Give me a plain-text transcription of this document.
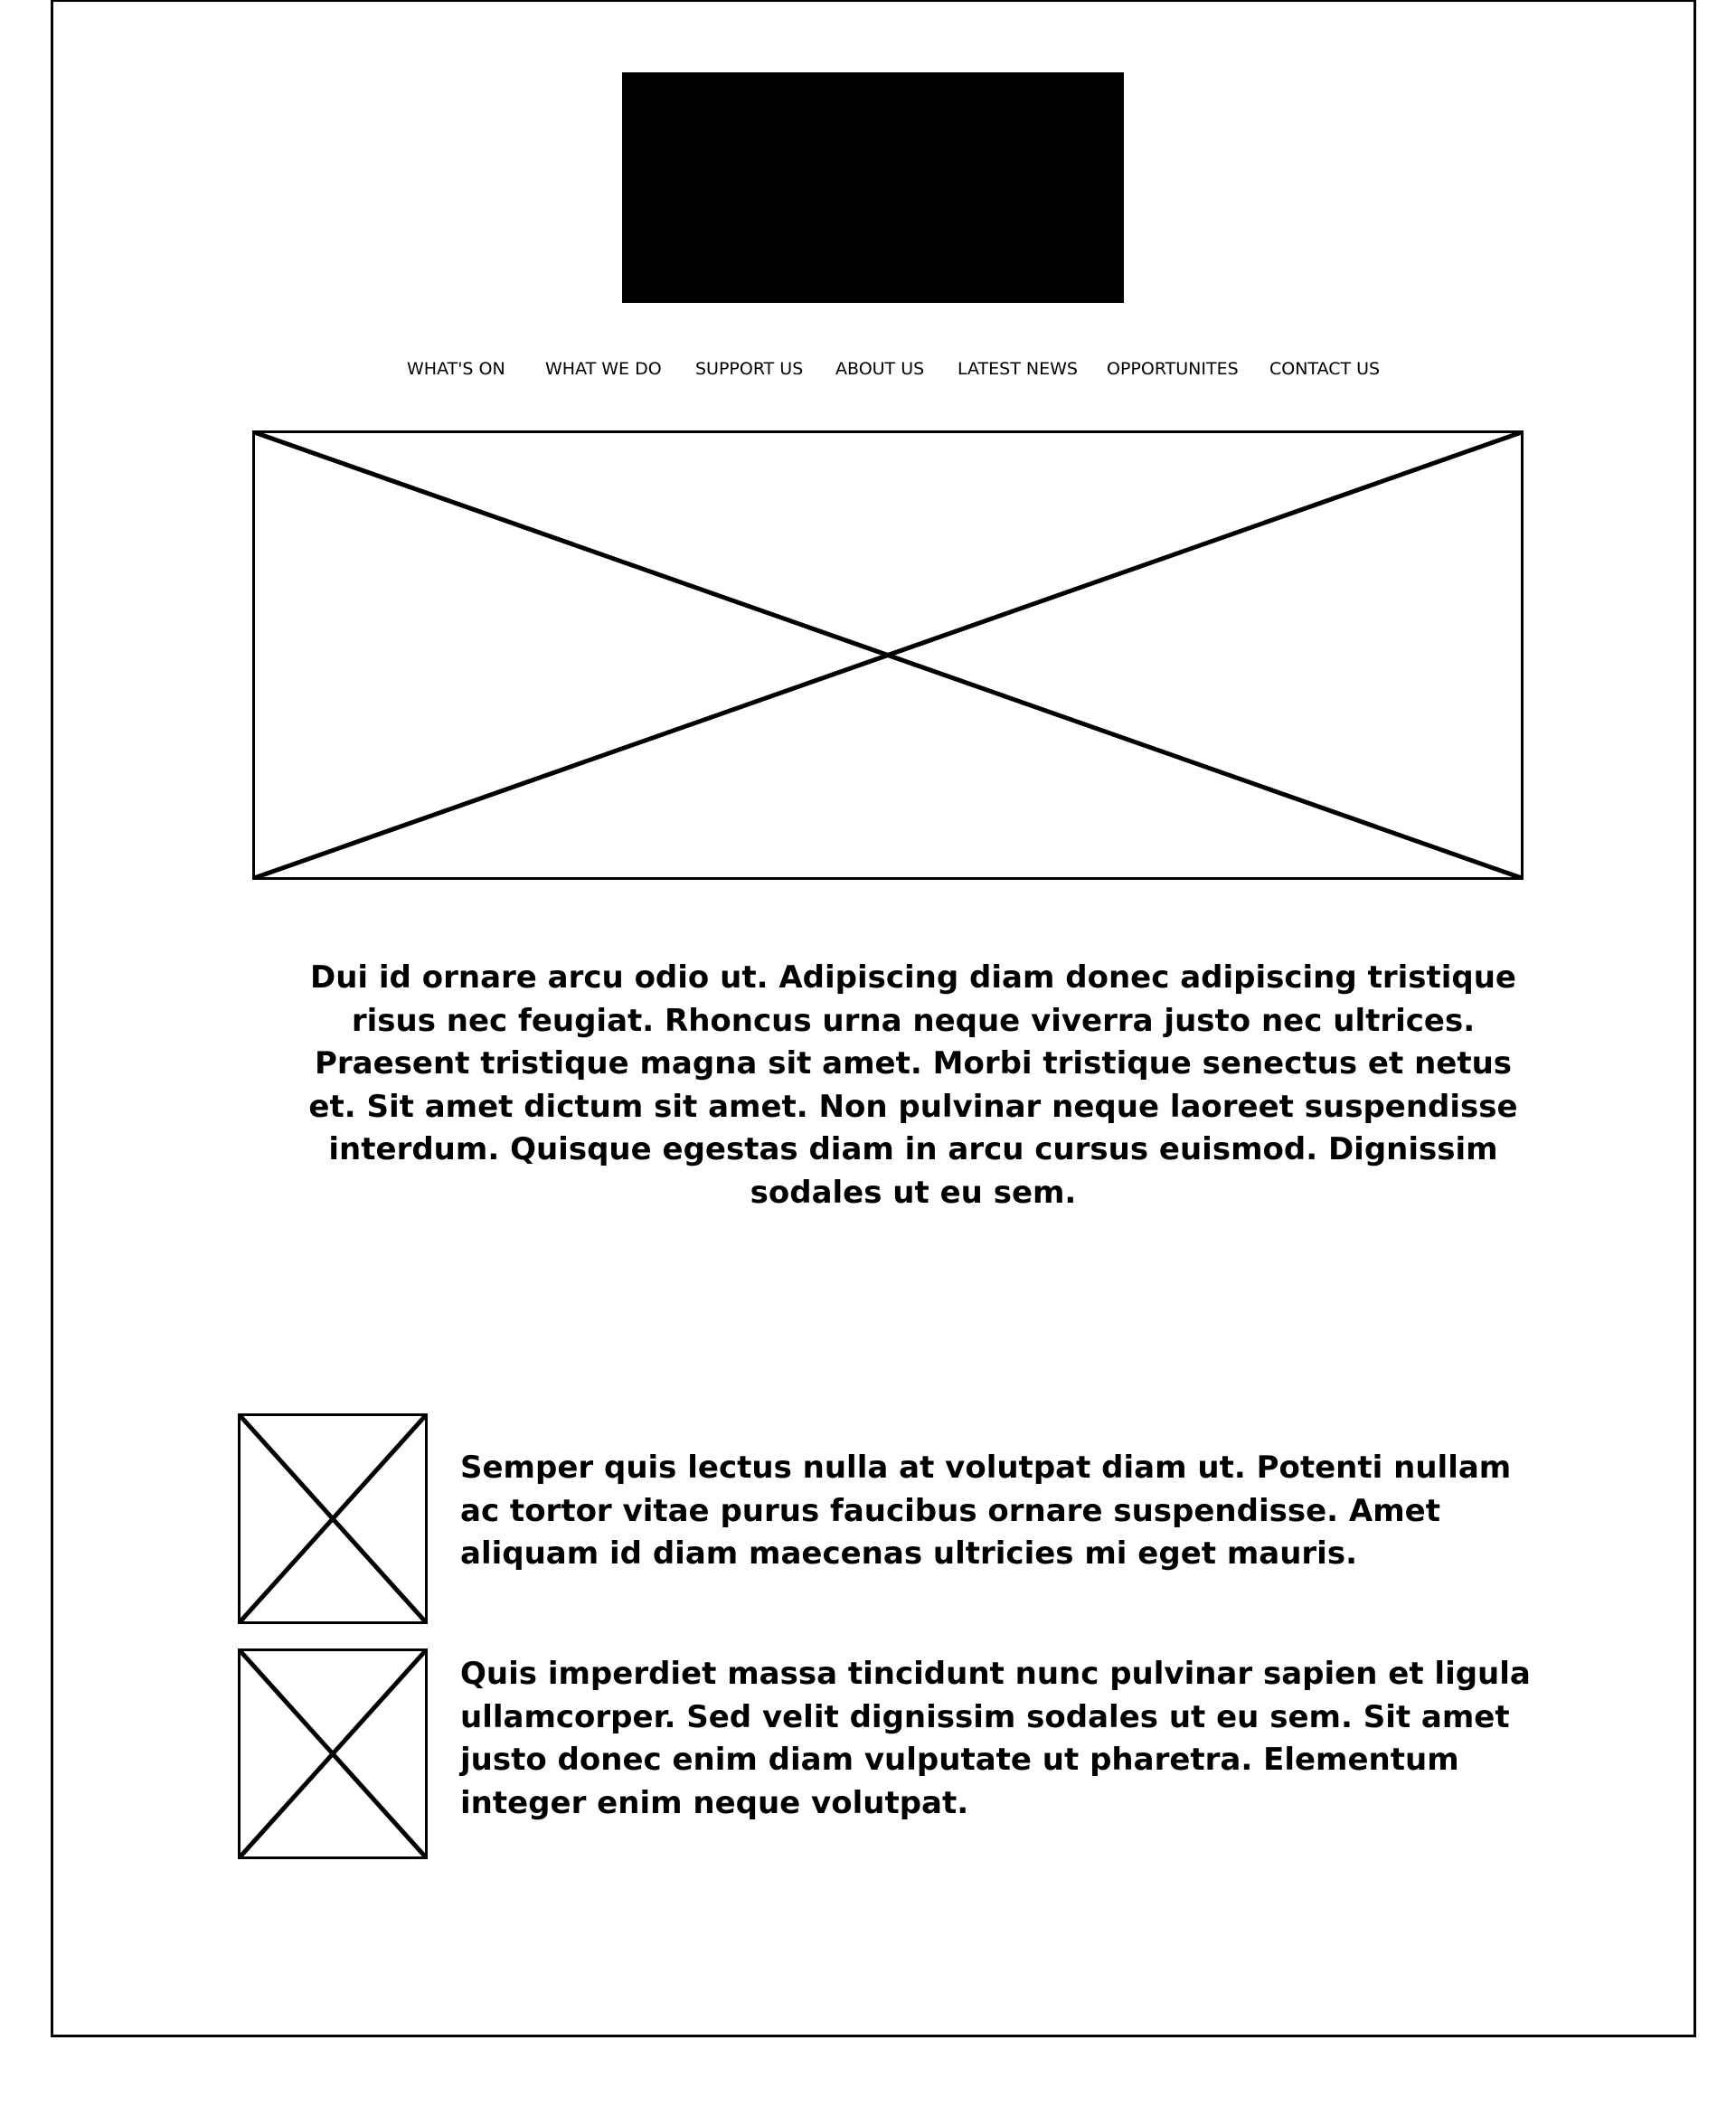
WHAT'S ON WHAT WE DO SUPPORT US ABOUT US LATEST NEWS OPPORTUNITES CONTACT US

Dui id ornare arcu odio ut. Adipiscing diam donec adipiscing tristique risus nec feugiat. Rhoncus urna neque viverra justo nec ultrices. Praesent tristique magna sit amet. Morbi tristique senectus et netus et. Sit amet dictum sit amet. Non pulvinar neque laoreet suspendisse interdum. Quisque egestas diam in arcu cursus euismod. Dignissim sodales ut eu sem.

Semper quis lectus nulla at volutpat diam ut. Potenti nullam ac tortor vitae purus faucibus ornare suspendisse. Amet aliquam id diam maecenas ultricies mi eget mauris.

Quis imperdiet massa tincidunt nunc pulvinar sapien et ligula ullamcorper. Sed velit dignissim sodales ut eu sem. Sit amet justo donec enim diam vulputate ut pharetra. Elementum integer enim neque volutpat.
